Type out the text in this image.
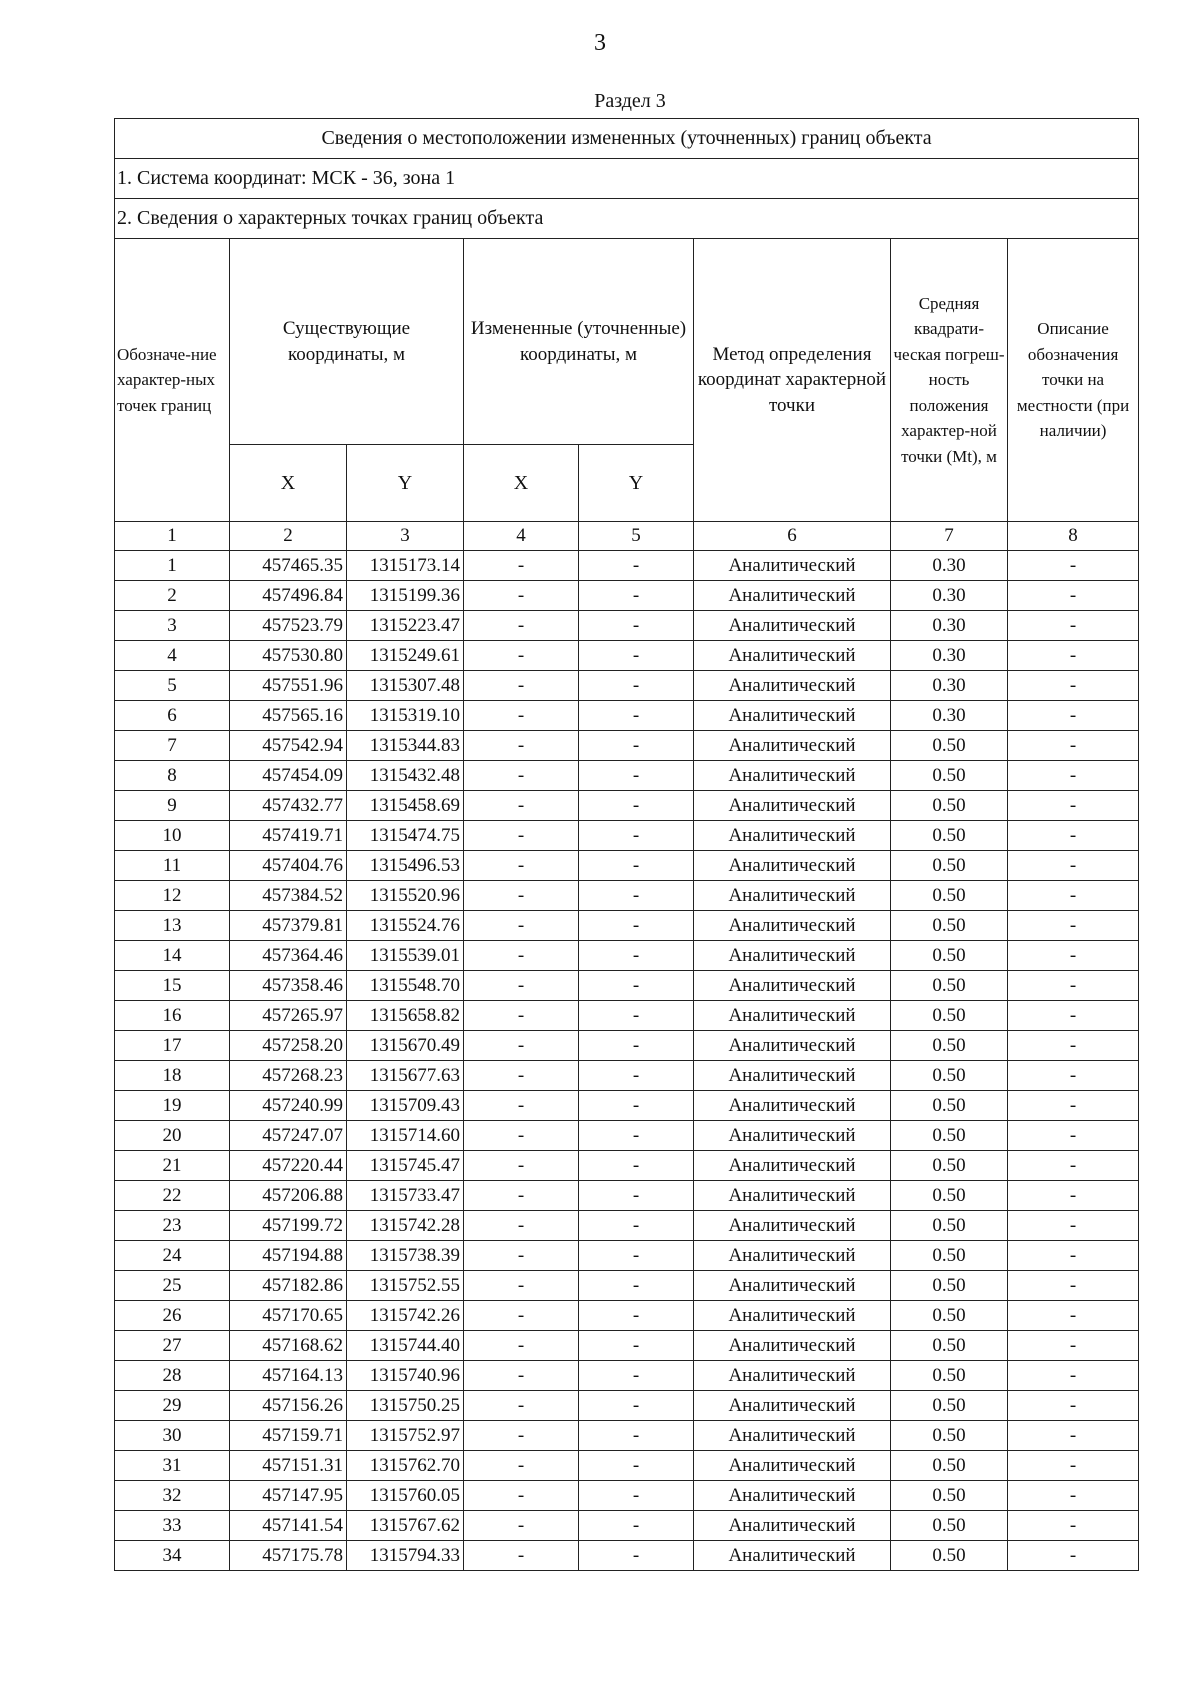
3
Раздел 3
Сведения о местоположении измененных (уточненных) границ объекта							
1. Система координат: МСК - 36, зона 1							
2. Сведения о характерных точках границ объекта							
Обозначе-ние характер-ных точек границ	Существующие координаты, м		Измененные (уточненные) координаты, м		Метод определения координат характерной точки	Средняя квадрати-ческая погреш-ность положения характер-ной точки (Mt), м	Описание обозначения точки на местности (при наличии)
	X	Y	X	Y			
1	2	3	4	5	6	7	8
1	457465.35	1315173.14	-	-	Аналитический	0.30	-
2	457496.84	1315199.36	-	-	Аналитический	0.30	-
3	457523.79	1315223.47	-	-	Аналитический	0.30	-
4	457530.80	1315249.61	-	-	Аналитический	0.30	-
5	457551.96	1315307.48	-	-	Аналитический	0.30	-
6	457565.16	1315319.10	-	-	Аналитический	0.30	-
7	457542.94	1315344.83	-	-	Аналитический	0.50	-
8	457454.09	1315432.48	-	-	Аналитический	0.50	-
9	457432.77	1315458.69	-	-	Аналитический	0.50	-
10	457419.71	1315474.75	-	-	Аналитический	0.50	-
11	457404.76	1315496.53	-	-	Аналитический	0.50	-
12	457384.52	1315520.96	-	-	Аналитический	0.50	-
13	457379.81	1315524.76	-	-	Аналитический	0.50	-
14	457364.46	1315539.01	-	-	Аналитический	0.50	-
15	457358.46	1315548.70	-	-	Аналитический	0.50	-
16	457265.97	1315658.82	-	-	Аналитический	0.50	-
17	457258.20	1315670.49	-	-	Аналитический	0.50	-
18	457268.23	1315677.63	-	-	Аналитический	0.50	-
19	457240.99	1315709.43	-	-	Аналитический	0.50	-
20	457247.07	1315714.60	-	-	Аналитический	0.50	-
21	457220.44	1315745.47	-	-	Аналитический	0.50	-
22	457206.88	1315733.47	-	-	Аналитический	0.50	-
23	457199.72	1315742.28	-	-	Аналитический	0.50	-
24	457194.88	1315738.39	-	-	Аналитический	0.50	-
25	457182.86	1315752.55	-	-	Аналитический	0.50	-
26	457170.65	1315742.26	-	-	Аналитический	0.50	-
27	457168.62	1315744.40	-	-	Аналитический	0.50	-
28	457164.13	1315740.96	-	-	Аналитический	0.50	-
29	457156.26	1315750.25	-	-	Аналитический	0.50	-
30	457159.71	1315752.97	-	-	Аналитический	0.50	-
31	457151.31	1315762.70	-	-	Аналитический	0.50	-
32	457147.95	1315760.05	-	-	Аналитический	0.50	-
33	457141.54	1315767.62	-	-	Аналитический	0.50	-
34	457175.78	1315794.33	-	-	Аналитический	0.50	-
